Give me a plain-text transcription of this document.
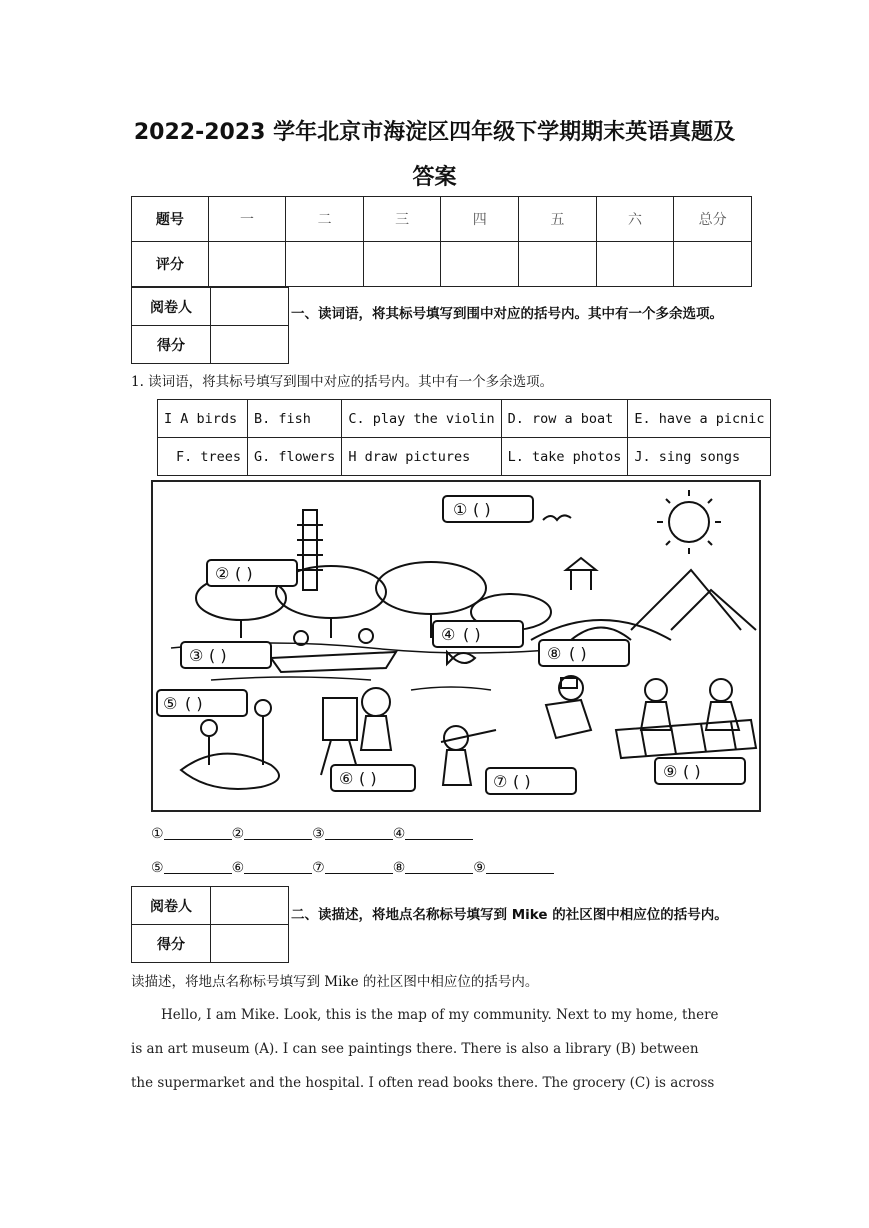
2022-2023 学年北京市海淀区四年级下学期期末英语真题及
答案
题号	一	二	三	四	五	六	总分
评分							
阅卷人	
得分	
一、读词语，将其标号填写到围中对应的括号内。其中有一个多余选项。
1. 读词语，将其标号填写到围中对应的括号内。其中有一个多余选项。
I A birds	B. fish	C. play the violin	D. row a boat	E. have a picnic
F. trees	G. flowers	H draw pictures	L. take photos	J. sing songs
① ( )
② ( )
③ ( )
④ ( )
⑤ ( )
⑥ ( )	⑦ ( )
⑧ ( )
⑨ ( )
①	②	③	④
⑤	⑥	⑦	⑧	⑨
阅卷人	
得分	
二、读描述，将地点名称标号填写到 Mike 的社区图中相应位的括号内。
读描述，将地点名称标号填写到 Mike 的社区图中相应位的括号内。
Hello, I am Mike. Look, this is the map of my community. Next to my home, there
is an art museum (A). I can see paintings there. There is also a library (B) between
the supermarket and the hospital. I often read books there. The grocery (C) is across
